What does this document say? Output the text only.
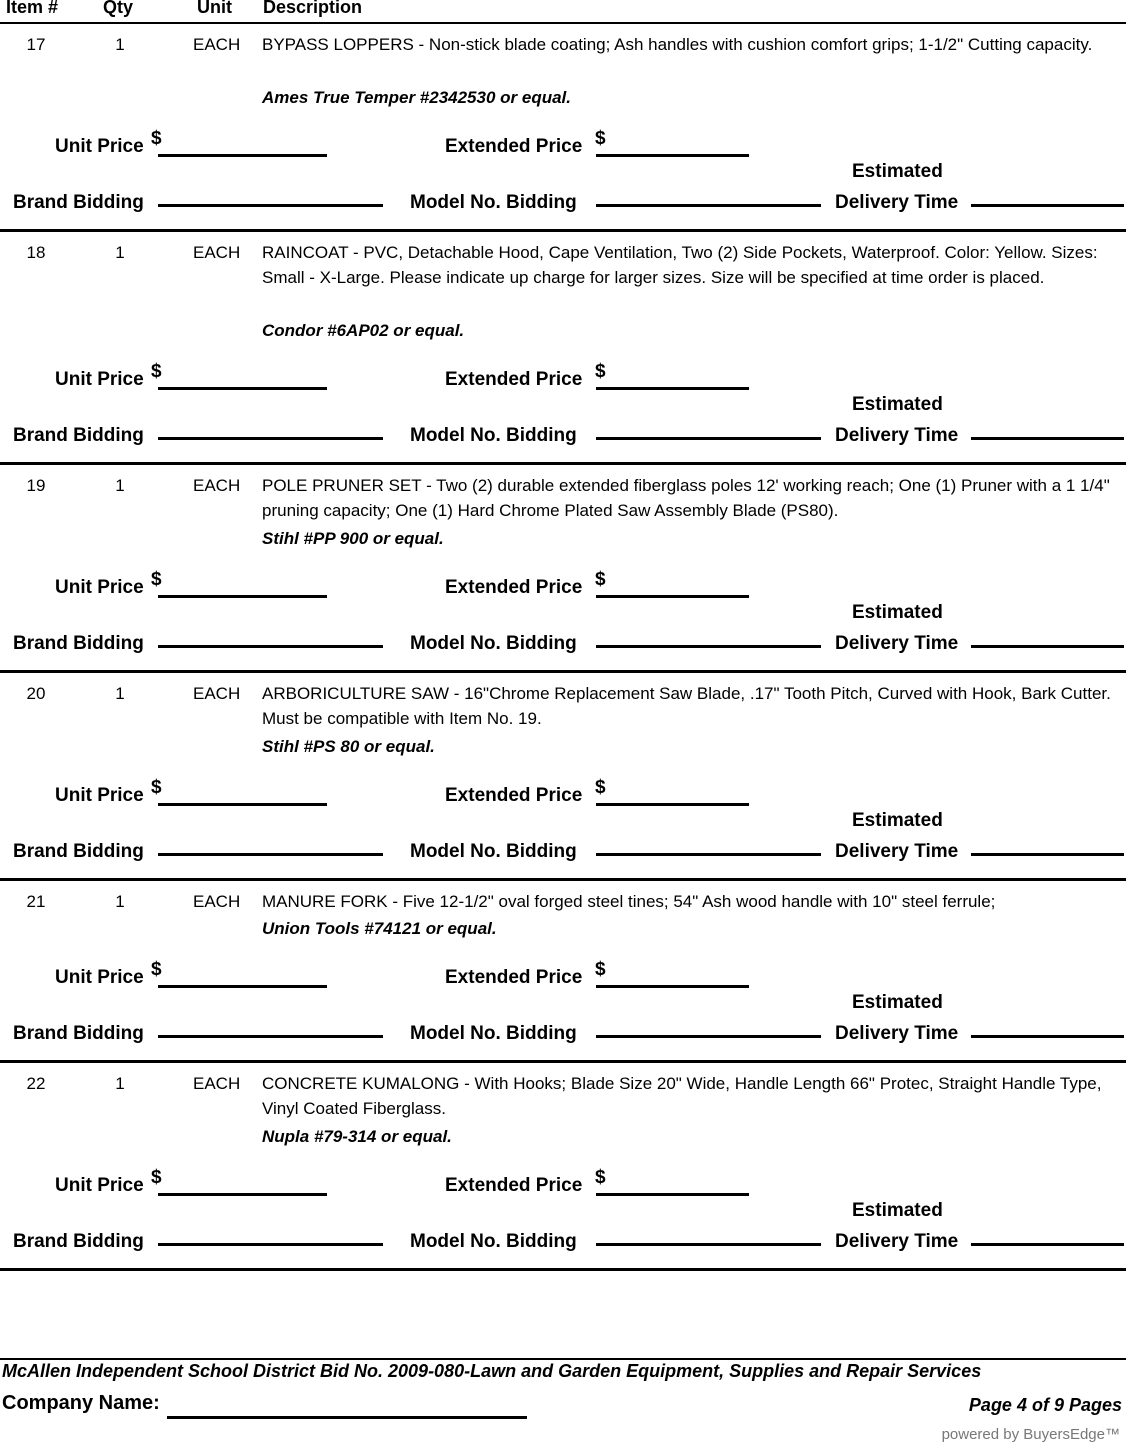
Item # Qty	Unit Description
17	1	EACH BYPASS LOPPERS - Non-stick blade coating; Ash handles with cushion comfort grips; 1-1/2" Cutting capacity.
Ames True Temper #2342530 or equal.
Unit Price $	Extended Price $
Estimated
Brand Bidding	Model No. Bidding	Delivery Time
18	1	EACH RAINCOAT - PVC, Detachable Hood, Cape Ventilation, Two (2) Side Pockets, Waterproof. Color: Yellow. Sizes: Small - X-Large. Please indicate up charge for larger sizes. Size will be specified at time order is placed.
Condor #6AP02 or equal.
Unit Price $	Extended Price $
Estimated
Brand Bidding	Model No. Bidding	Delivery Time
19	1	EACH POLE PRUNER SET - Two (2) durable extended fiberglass poles 12' working reach; One (1) Pruner with a 1 1/4" pruning capacity; One (1) Hard Chrome Plated Saw Assembly Blade (PS80).
Stihl #PP 900 or equal.
Unit Price $	Extended Price $
Estimated
Brand Bidding	Model No. Bidding	Delivery Time
20	1	EACH ARBORICULTURE SAW - 16"Chrome Replacement Saw Blade, .17" Tooth Pitch, Curved with Hook, Bark Cutter. Must be compatible with Item No. 19.
Stihl #PS 80 or equal.
Unit Price $	Extended Price $
Estimated
Brand Bidding	Model No. Bidding	Delivery Time
21	1	EACH MANURE FORK - Five 12-1/2" oval forged steel tines; 54" Ash wood handle with 10" steel ferrule;
Union Tools #74121 or equal.
Unit Price $	Extended Price $
Estimated
Brand Bidding	Model No. Bidding	Delivery Time
22	1	EACH CONCRETE KUMALONG - With Hooks; Blade Size 20" Wide, Handle Length 66" Protec, Straight Handle Type, Vinyl Coated Fiberglass.
Nupla #79-314 or equal.
Unit Price $	Extended Price $
Estimated
Brand Bidding	Model No. Bidding	Delivery Time
McAllen Independent School District Bid No. 2009-080-Lawn and Garden Equipment, Supplies and Repair Services
Company Name:	Page 4 of 9 Pages
powered by BuyersEdge™
